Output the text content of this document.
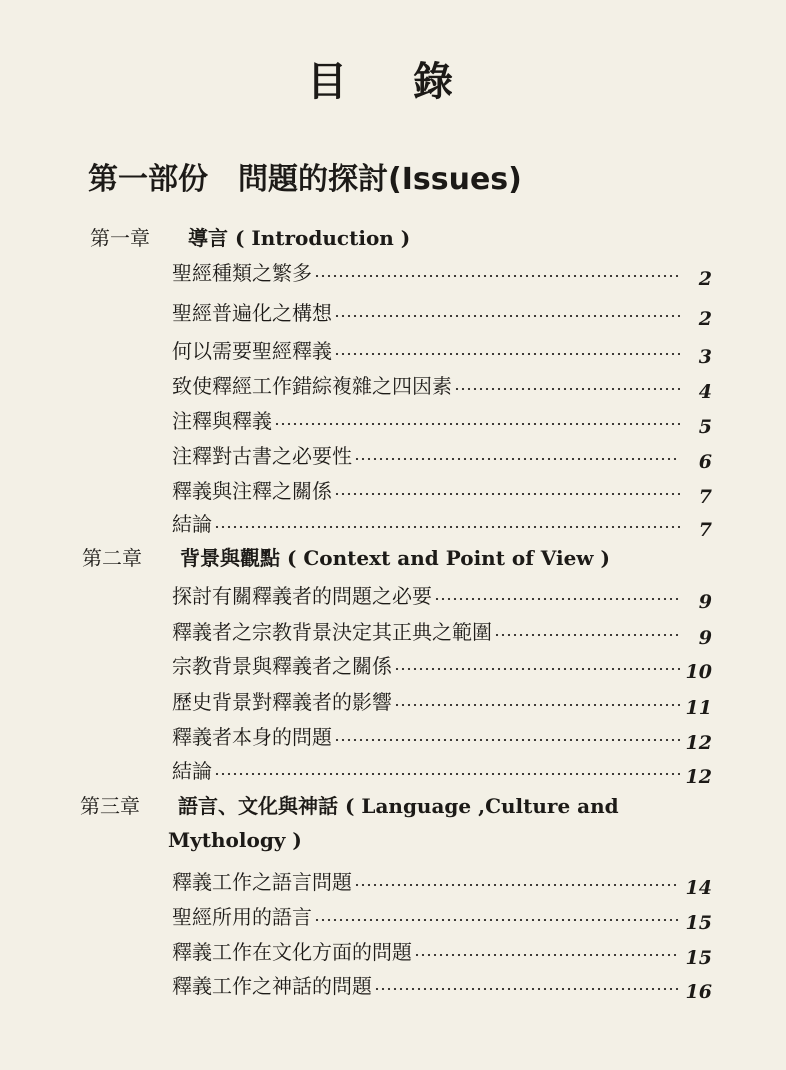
目 錄
第一部份 問題的探討(Issues)
第一章 導言 ( Introduction )
聖經種類之繁多	2
聖經普遍化之構想	2
何以需要聖經釋義	3
致使釋經工作錯綜複雜之四因素	4
注釋與釋義	5
注釋對古書之必要性	6
釋義與注釋之關係	7
結論	7
第二章 背景與觀點 ( Context and Point of View )
探討有關釋義者的問題之必要	9
釋義者之宗教背景決定其正典之範圍	9
宗教背景與釋義者之關係	10
歷史背景對釋義者的影響	11
釋義者本身的問題	12
結論	12
第三章 語言、文化與神話 ( Language ,Culture and
Mythology )
釋義工作之語言問題	14
聖經所用的語言	15
釋義工作在文化方面的問題	15
釋義工作之神話的問題	16
